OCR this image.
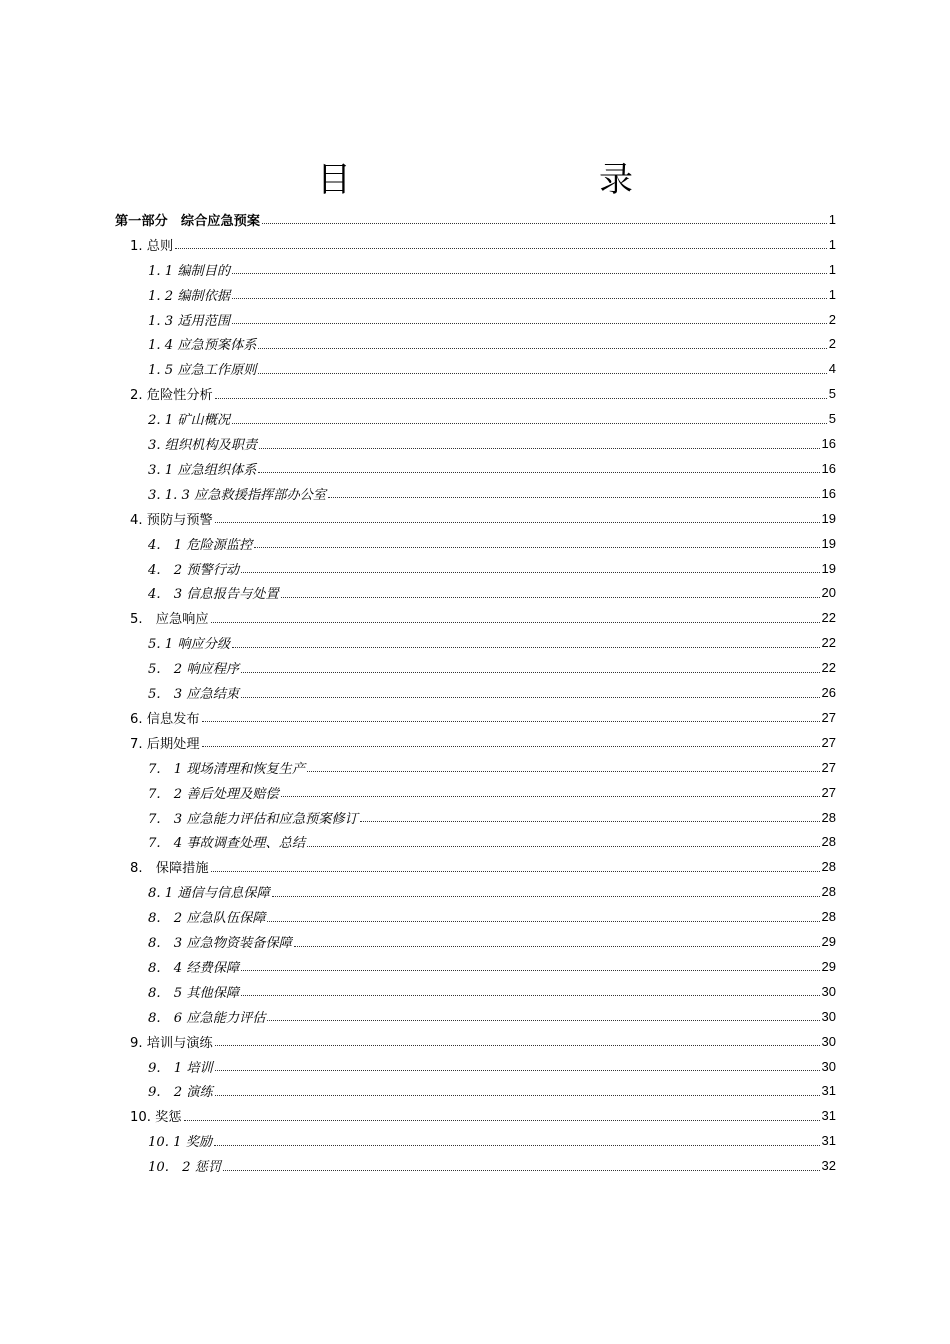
目　　录
第一部分　综合应急预案	1
1. 总则	1
1. 1 编制目的	1
1. 2 编制依据	1
1. 3 适用范围	2
1. 4 应急预案体系	2
1. 5 应急工作原则	4
2. 危险性分析	5
2. 1 矿山概况	5
3. 组织机构及职责	16
3. 1 应急组织体系	16
3. 1. 3 应急救援指挥部办公室	16
4. 预防与预警	19
4.　1 危险源监控	19
4.　2 预警行动	19
4.　3 信息报告与处置	20
5.　应急响应	22
5. 1 响应分级	22
5.　2 响应程序	22
5.　3 应急结束	26
6. 信息发布	27
7. 后期处理	27
7.　1 现场清理和恢复生产	27
7.　2 善后处理及赔偿	27
7.　3 应急能力评估和应急预案修订	28
7.　4 事故调查处理、总结	28
8.　保障措施	28
8. 1 通信与信息保障	28
8.　2 应急队伍保障	28
8.　3 应急物资装备保障	29
8.　4 经费保障	29
8.　5 其他保障	30
8.　6 应急能力评估	30
9. 培训与演练	30
9.　1 培训	30
9.　2 演练	31
10. 奖惩	31
10. 1 奖励	31
10.　2 惩罚	32
